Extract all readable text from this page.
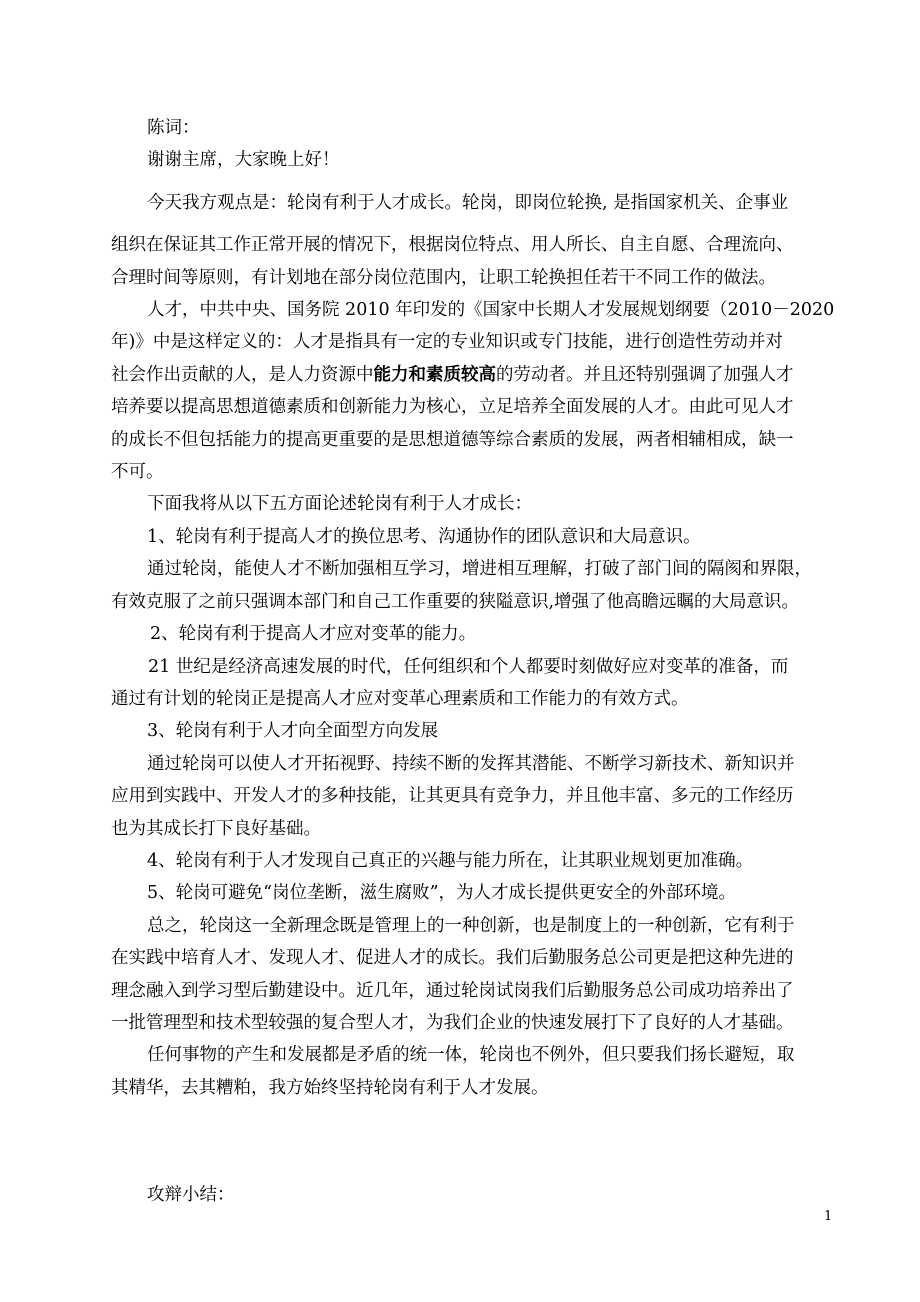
陈词：

谢谢主席，大家晚上好！

今天我方观点是：轮岗有利于人才成长。轮岗，即岗位轮换, 是指国家机关、企事业

组织在保证其工作正常开展的情况下，根据岗位特点、用人所长、自主自愿、合理流向、

合理时间等原则，有计划地在部分岗位范围内，让职工轮换担任若干不同工作的做法。

人才，中共中央、国务院 2010 年印发的《国家中长期人才发展规划纲要（2010－2020

年)》中是这样定义的：人才是指具有一定的专业知识或专门技能，进行创造性劳动并对

社会作出贡献的人，是人力资源中能力和素质较高的劳动者。并且还特别强调了加强人才

培养要以提高思想道德素质和创新能力为核心，立足培养全面发展的人才。由此可见人才

的成长不但包括能力的提高更重要的是思想道德等综合素质的发展，两者相辅相成，缺一

不可。

下面我将从以下五方面论述轮岗有利于人才成长：

1、轮岗有利于提高人才的换位思考、沟通协作的团队意识和大局意识。

通过轮岗，能使人才不断加强相互学习，增进相互理解，打破了部门间的隔阂和界限，

有效克服了之前只强调本部门和自己工作重要的狭隘意识,增强了他高瞻远瞩的大局意识。

2、轮岗有利于提高人才应对变革的能力。

21 世纪是经济高速发展的时代，任何组织和个人都要时刻做好应对变革的准备，而

通过有计划的轮岗正是提高人才应对变革心理素质和工作能力的有效方式。

3、轮岗有利于人才向全面型方向发展

通过轮岗可以使人才开拓视野、持续不断的发挥其潜能、不断学习新技术、新知识并

应用到实践中、开发人才的多种技能，让其更具有竞争力，并且他丰富、多元的工作经历

也为其成长打下良好基础。

4、轮岗有利于人才发现自己真正的兴趣与能力所在，让其职业规划更加准确。

5、轮岗可避免“岗位垄断，滋生腐败”，为人才成长提供更安全的外部环境。

总之，轮岗这一全新理念既是管理上的一种创新，也是制度上的一种创新，它有利于

在实践中培育人才、发现人才、促进人才的成长。我们后勤服务总公司更是把这种先进的

理念融入到学习型后勤建设中。近几年，通过轮岗试岗我们后勤服务总公司成功培养出了

一批管理型和技术型较强的复合型人才，为我们企业的快速发展打下了良好的人才基础。

任何事物的产生和发展都是矛盾的统一体，轮岗也不例外，但只要我们扬长避短，取

其精华，去其糟粕，我方始终坚持轮岗有利于人才发展。

攻辩小结：
1
